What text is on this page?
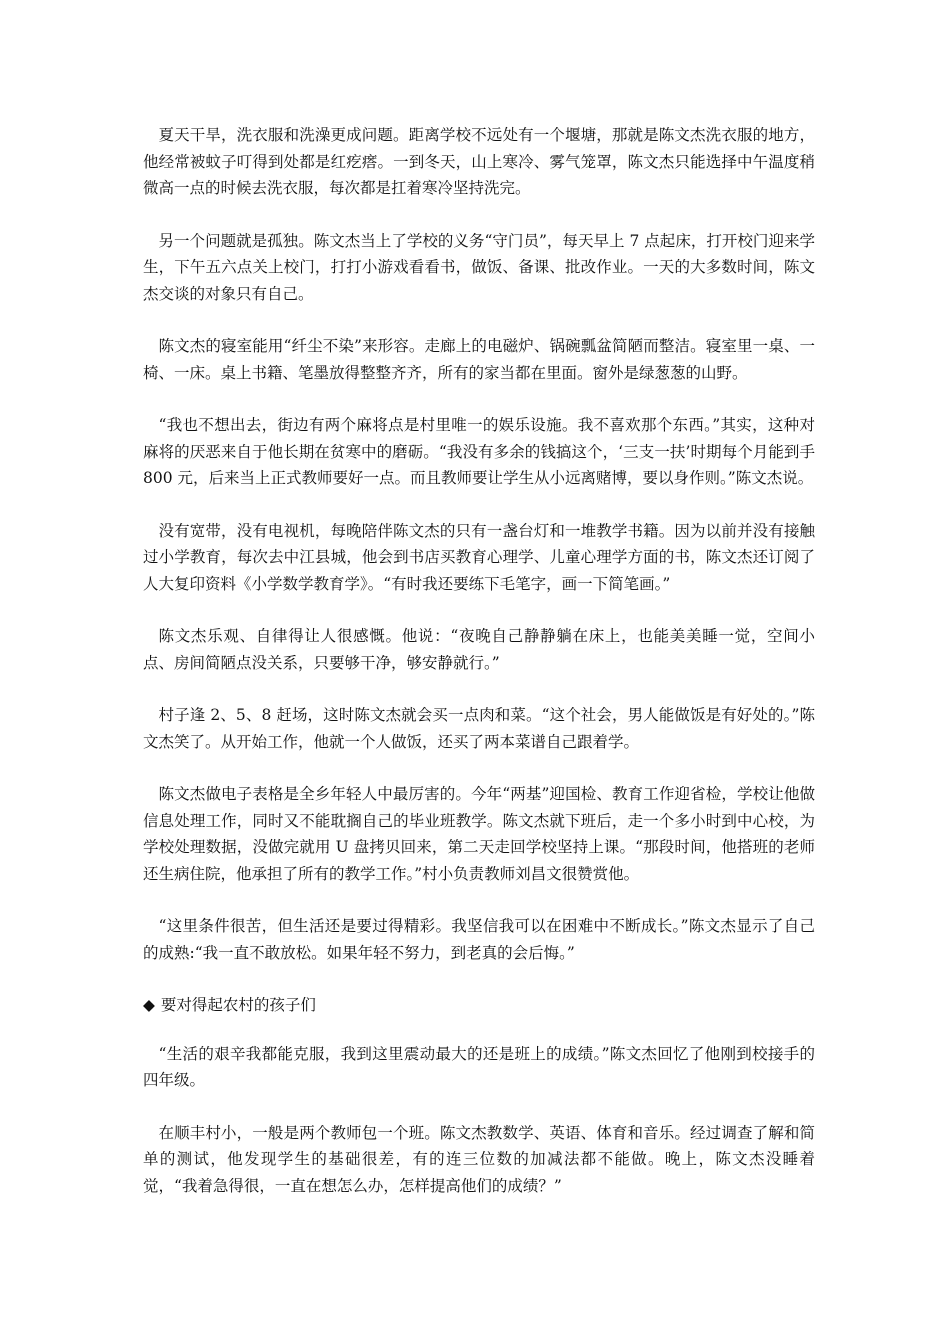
夏天干旱，洗衣服和洗澡更成问题。距离学校不远处有一个堰塘，那就是陈文杰洗衣服的地方，他经常被蚊子叮得到处都是红疙瘩。一到冬天，山上寒冷、雾气笼罩，陈文杰只能选择中午温度稍微高一点的时候去洗衣服，每次都是扛着寒冷坚持洗完。

另一个问题就是孤独。陈文杰当上了学校的义务“守门员”，每天早上 7 点起床，打开校门迎来学生，下午五六点关上校门，打打小游戏看看书，做饭、备课、批改作业。一天的大多数时间，陈文杰交谈的对象只有自己。

陈文杰的寝室能用“纤尘不染”来形容。走廊上的电磁炉、锅碗瓢盆简陋而整洁。寝室里一桌、一椅、一床。桌上书籍、笔墨放得整整齐齐，所有的家当都在里面。窗外是绿葱葱的山野。

“我也不想出去，街边有两个麻将点是村里唯一的娱乐设施。我不喜欢那个东西。”其实，这种对麻将的厌恶来自于他长期在贫寒中的磨砺。“我没有多余的钱搞这个，‘三支一扶’时期每个月能到手 800 元，后来当上正式教师要好一点。而且教师要让学生从小远离赌博，要以身作则。”陈文杰说。

没有宽带，没有电视机，每晚陪伴陈文杰的只有一盏台灯和一堆教学书籍。因为以前并没有接触过小学教育，每次去中江县城，他会到书店买教育心理学、儿童心理学方面的书，陈文杰还订阅了人大复印资料《小学数学教育学》。“有时我还要练下毛笔字，画一下简笔画。”

陈文杰乐观、自律得让人很感慨。他说：“夜晚自己静静躺在床上，也能美美睡一觉，空间小点、房间简陋点没关系，只要够干净，够安静就行。”

村子逢 2、5、8 赶场，这时陈文杰就会买一点肉和菜。“这个社会，男人能做饭是有好处的。”陈文杰笑了。从开始工作，他就一个人做饭，还买了两本菜谱自己跟着学。

陈文杰做电子表格是全乡年轻人中最厉害的。今年“两基”迎国检、教育工作迎省检，学校让他做信息处理工作，同时又不能耽搁自己的毕业班教学。陈文杰就下班后，走一个多小时到中心校，为学校处理数据，没做完就用 U 盘拷贝回来，第二天走回学校坚持上课。“那段时间，他搭班的老师还生病住院，他承担了所有的教学工作。”村小负责教师刘昌文很赞赏他。

“这里条件很苦，但生活还是要过得精彩。我坚信我可以在困难中不断成长。”陈文杰显示了自己的成熟:“我一直不敢放松。如果年轻不努力，到老真的会后悔。”

◆ 要对得起农村的孩子们

“生活的艰辛我都能克服，我到这里震动最大的还是班上的成绩。”陈文杰回忆了他刚到校接手的四年级。

在顺丰村小，一般是两个教师包一个班。陈文杰教数学、英语、体育和音乐。经过调查了解和简单的测试，他发现学生的基础很差，有的连三位数的加减法都不能做。晚上，陈文杰没睡着觉，“我着急得很，一直在想怎么办，怎样提高他们的成绩？”
